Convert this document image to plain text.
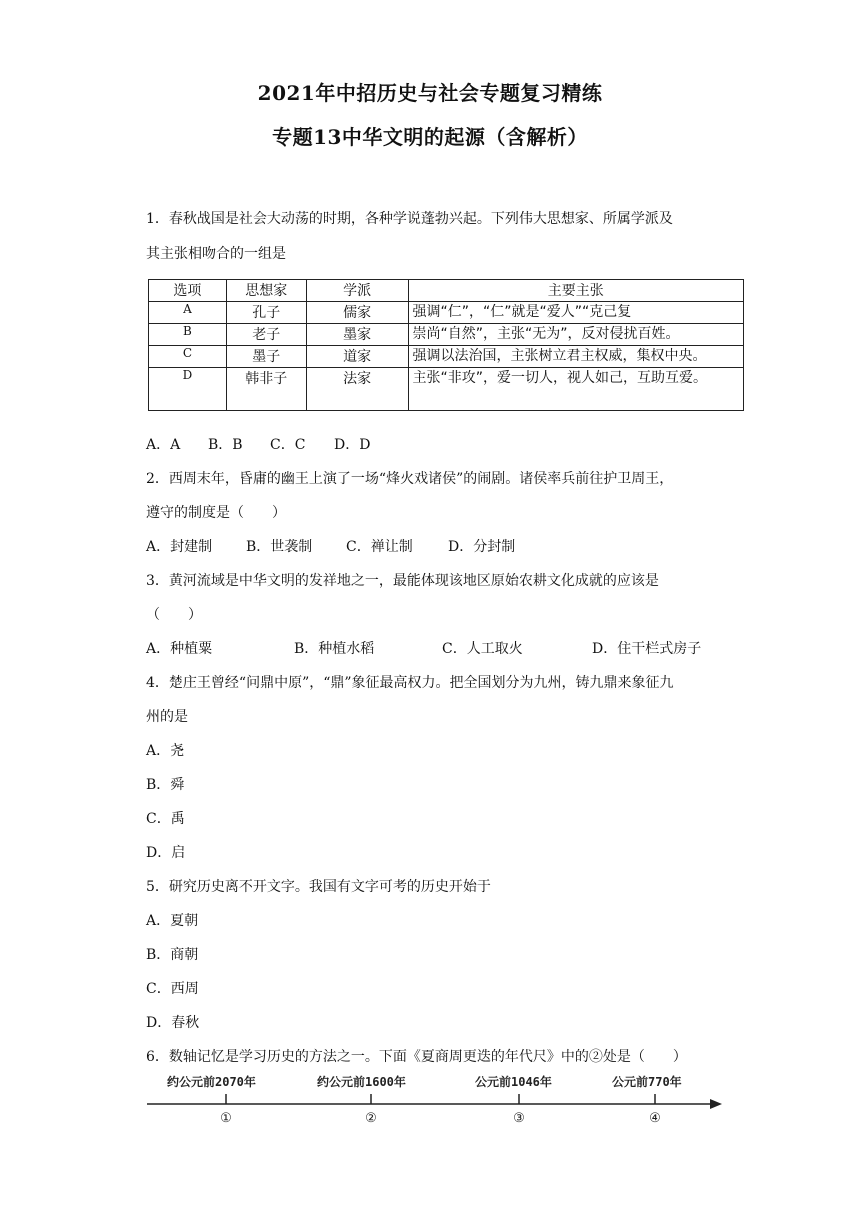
2021年中招历史与社会专题复习精练
专题13中华文明的起源（含解析）
1．春秋战国是社会大动荡的时期，各种学说蓬勃兴起。下列伟大思想家、所属学派及
其主张相吻合的一组是
选项	思想家	学派	主要主张
A	孔子	儒家	强调“仁”，“仁”就是“爱人”“克己复
B	老子	墨家	崇尚“自然”，主张“无为”，反对侵扰百姓。
C	墨子	道家	强调以法治国，主张树立君主权威，集权中央。
D	韩非子	法家	主张“非攻”，爱一切人，视人如己，互助互爱。
A．A	B．B	C．C	D．D
2．西周末年，昏庸的幽王上演了一场“烽火戏诸侯”的闹剧。诸侯率兵前往护卫周王，
遵守的制度是（　　）
A．封建制	B．世袭制	C．禅让制	D．分封制
3．黄河流域是中华文明的发祥地之一，最能体现该地区原始农耕文化成就的应该是
（　　）
A．种植粟	B．种植水稻	C．人工取火	D．住干栏式房子
4．楚庄王曾经“问鼎中原”，“鼎”象征最高权力。把全国划分为九州，铸九鼎来象征九
州的是
A．尧
B．舜
C．禹
D．启
5．研究历史离不开文字。我国有文字可考的历史开始于
A．夏朝
B．商朝
C．西周
D．春秋
6．数轴记忆是学习历史的方法之一。下面《夏商周更迭的年代尺》中的②处是（　　）
约公元前2070年	约公元前1600年	公元前1046年	公元前770年
①	②	③	④
